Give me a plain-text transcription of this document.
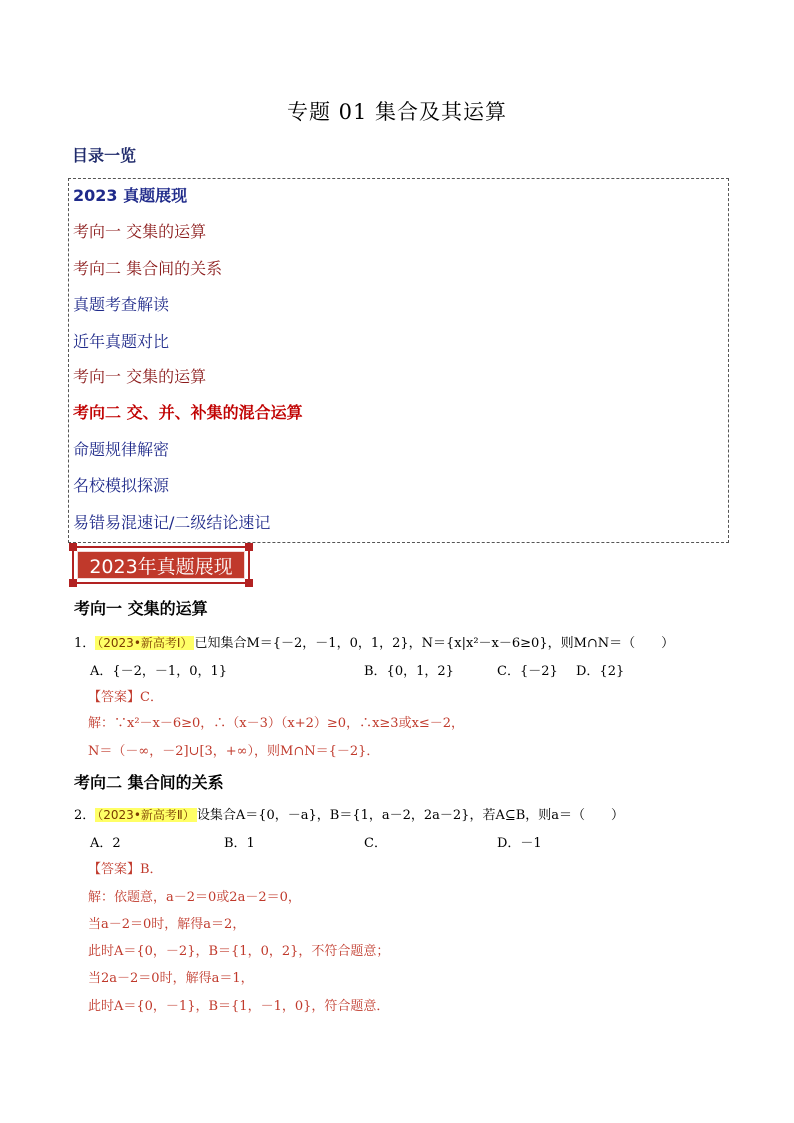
专题 01 集合及其运算
目录一览
2023 真题展现
考向一 交集的运算
考向二 集合间的关系
真题考查解读
近年真题对比
考向一 交集的运算
考向二 交、并、补集的混合运算
命题规律解密
名校模拟探源
易错易混速记/二级结论速记
2023年真题展现
考向一 交集的运算
1． （2023•新高考Ⅰ） 已知集合M＝{－2，－1，0，1，2}，N＝{x|x²－x－6≥0}，则M∩N＝（　　）
A．{－2，－1，0，1}	B．{0，1，2}	C．{－2} D．{2}
【答案】C．
解：∵x²－x－6≥0，∴（x－3）（x+2）≥0，∴x≥3或x≤－2，
N＝（－∞，－2]∪[3，+∞），则M∩N＝{－2}．
考向二 集合间的关系
2． （2023•新高考Ⅱ） 设集合A＝{0，－a}，B＝{1，a－2，2a－2}，若A⊆B，则a＝（　　）
A．2	B．1	C．	D．－1
【答案】B．
解：依题意，a－2＝0或2a－2＝0，
当a－2＝0时，解得a＝2，
此时A＝{0，－2}，B＝{1，0，2}，不符合题意；
当2a－2＝0时，解得a＝1，
此时A＝{0，－1}，B＝{1，－1，0}，符合题意．
